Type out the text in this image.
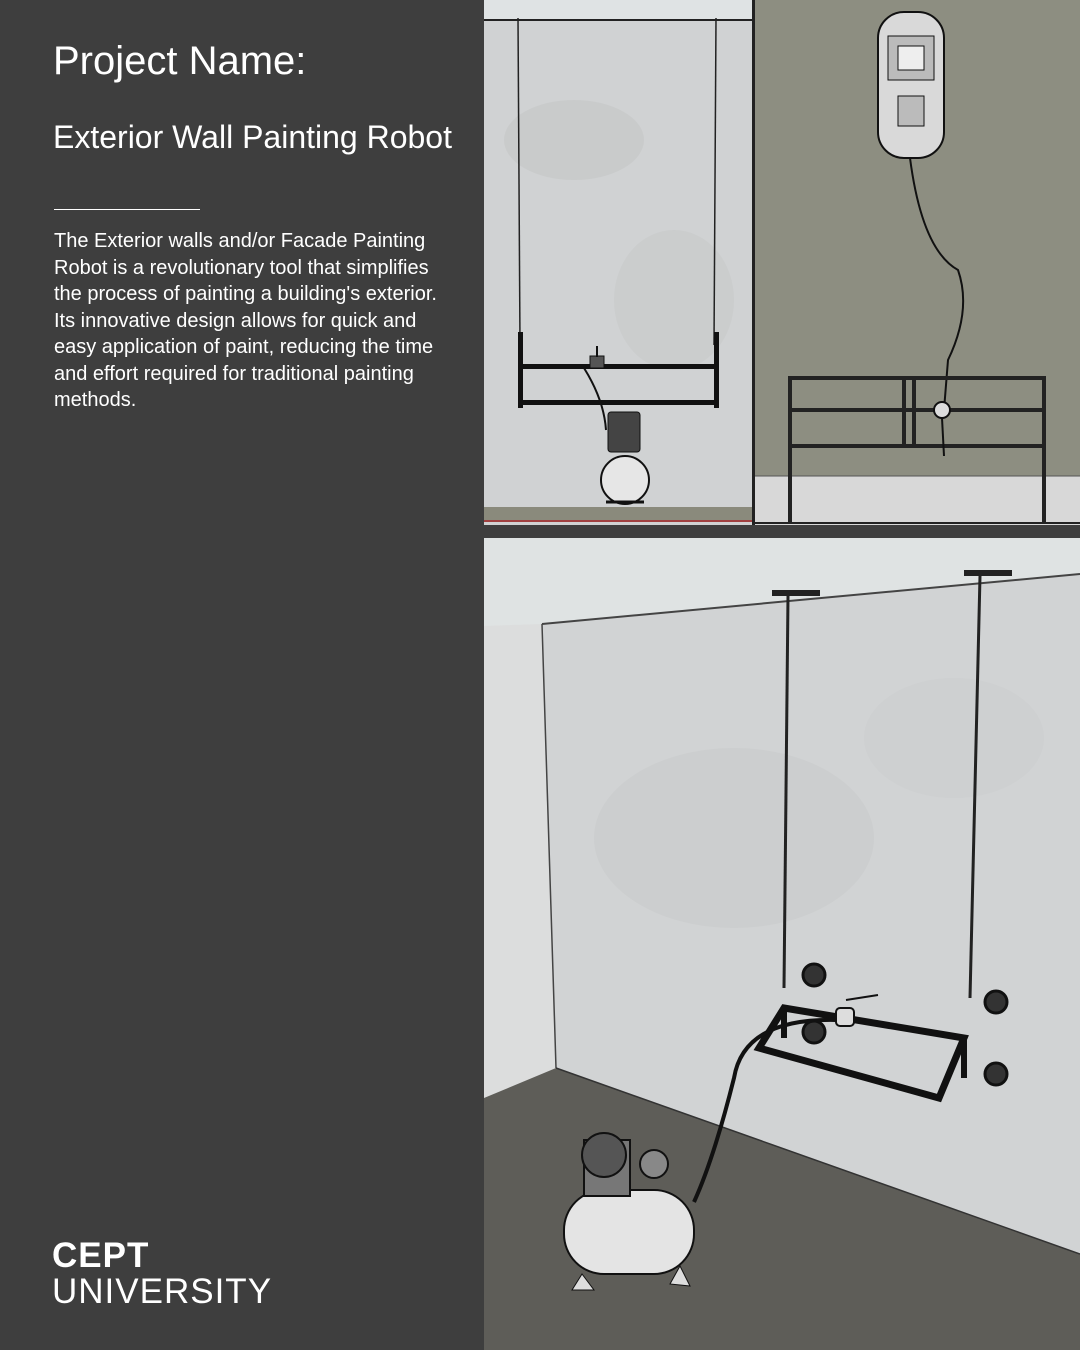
Project Name:
Exterior Wall Painting Robot

The Exterior walls and/or Facade Painting Robot is a revolutionary tool that simplifies the process of painting a building's exterior. Its innovative design allows for quick and easy application of paint, reducing the time and effort required for traditional painting methods.

CEPT
UNIVERSITY
